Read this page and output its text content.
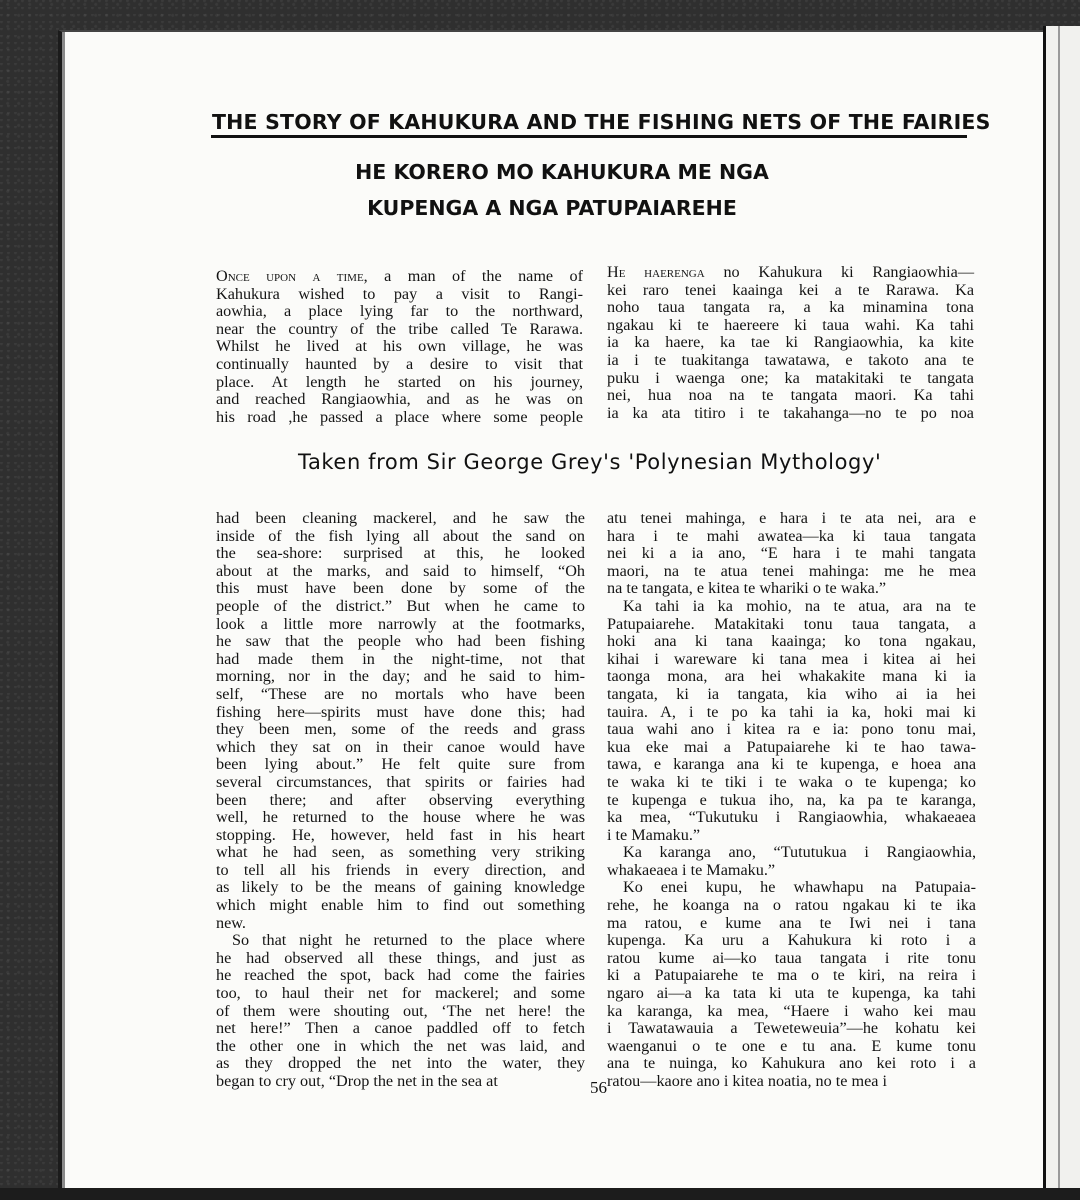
THE STORY OF KAHUKURA AND THE FISHING NETS OF THE FAIRIES
HE KORERO MO KAHUKURA ME NGA
KUPENGA A NGA PATUPAIAREHE
Once upon a time, a man of the name of
Kahukura wished to pay a visit to Rangi-
aowhia, a place lying far to the northward,
near the country of the tribe called Te Rarawa.
Whilst he lived at his own village, he was
continually haunted by a desire to visit that
place. At length he started on his journey,
and reached Rangiaowhia, and as he was on
his road ,he passed a place where some people
He haerenga no Kahukura ki Rangiaowhia—
kei raro tenei kaainga kei a te Rarawa. Ka
noho taua tangata ra, a ka minamina tona
ngakau ki te haereere ki taua wahi. Ka tahi
ia ka haere, ka tae ki Rangiaowhia, ka kite
ia i te tuakitanga tawatawa, e takoto ana te
puku i waenga one; ka matakitaki te tangata
nei, hua noa na te tangata maori. Ka tahi
ia ka ata titiro i te takahanga—no te po noa
Taken from Sir George Grey's 'Polynesian Mythology'
had been cleaning mackerel, and he saw the
inside of the fish lying all about the sand on
the sea-shore: surprised at this, he looked
about at the marks, and said to himself, “Oh
this must have been done by some of the
people of the district.” But when he came to
look a little more narrowly at the footmarks,
he saw that the people who had been fishing
had made them in the night-time, not that
morning, nor in the day; and he said to him-
self, “These are no mortals who have been
fishing here—spirits must have done this; had
they been men, some of the reeds and grass
which they sat on in their canoe would have
been lying about.” He felt quite sure from
several circumstances, that spirits or fairies had
been there; and after observing everything
well, he returned to the house where he was
stopping. He, however, held fast in his heart
what he had seen, as something very striking
to tell all his friends in every direction, and
as likely to be the means of gaining knowledge
which might enable him to find out something
new.
So that night he returned to the place where
he had observed all these things, and just as
he reached the spot, back had come the fairies
too, to haul their net for mackerel; and some
of them were shouting out, ‘The net here! the
net here!” Then a canoe paddled off to fetch
the other one in which the net was laid, and
as they dropped the net into the water, they
began to cry out, “Drop the net in the sea at
atu tenei mahinga, e hara i te ata nei, ara e
hara i te mahi awatea—ka ki taua tangata
nei ki a ia ano, “E hara i te mahi tangata
maori, na te atua tenei mahinga: me he mea
na te tangata, e kitea te whariki o te waka.”
Ka tahi ia ka mohio, na te atua, ara na te
Patupaiarehe. Matakitaki tonu taua tangata, a
hoki ana ki tana kaainga; ko tona ngakau,
kihai i wareware ki tana mea i kitea ai hei
taonga mona, ara hei whakakite mana ki ia
tangata, ki ia tangata, kia wiho ai ia hei
tauira. A, i te po ka tahi ia ka, hoki mai ki
taua wahi ano i kitea ra e ia: pono tonu mai,
kua eke mai a Patupaiarehe ki te hao tawa-
tawa, e karanga ana ki te kupenga, e hoea ana
te waka ki te tiki i te waka o te kupenga; ko
te kupenga e tukua iho, na, ka pa te karanga,
ka mea, “Tukutuku i Rangiaowhia, whakaeaea
i te Mamaku.”
Ka karanga ano, “Tututukua i Rangiaowhia,
whakaeaea i te Mamaku.”
Ko enei kupu, he whawhapu na Patupaia-
rehe, he koanga na o ratou ngakau ki te ika
ma ratou, e kume ana te Iwi nei i tana
kupenga. Ka uru a Kahukura ki roto i a
ratou kume ai—ko taua tangata i rite tonu
ki a Patupaiarehe te ma o te kiri, na reira i
ngaro ai—a ka tata ki uta te kupenga, ka tahi
ka karanga, ka mea, “Haere i waho kei mau
i Tawatawauia a Teweteweuia”—he kohatu kei
waenganui o te one e tu ana. E kume tonu
ana te nuinga, ko Kahukura ano kei roto i a
ratou—kaore ano i kitea noatia, no te mea i
56
